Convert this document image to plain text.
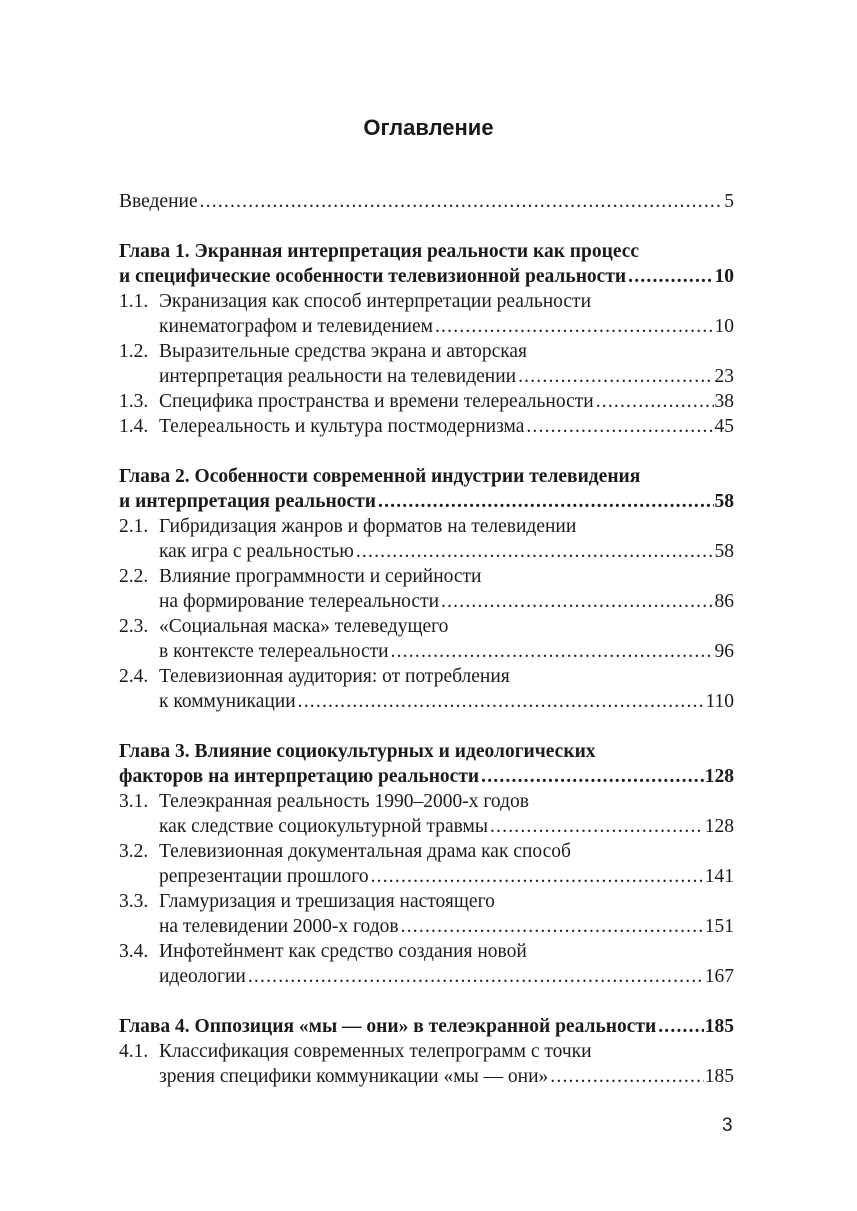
Оглавление
Введение .....	5
Глава 1. Экранная интерпретация реальности как процесс
и специфические особенности телевизионной реальности .....	10
1.1. Экранизация как способ интерпретации реальности
кинематографом и телевидением .....	10
1.2. Выразительные средства экрана и авторская
интерпретация реальности на телевидении .....	23
1.3. Специфика пространства и времени телереальности .....	38
1.4. Телереальность и культура постмодернизма .....	45
Глава 2. Особенности современной индустрии телевидения
и интерпретация реальности .....	58
2.1. Гибридизация жанров и форматов на телевидении
как игра с реальностью .....	58
2.2. Влияние программности и серийности
на формирование телереальности .....	86
2.3. «Социальная маска» телеведущего
в контексте телереальности .....	96
2.4. Телевизионная аудитория: от потребления
к коммуникации .....	110
Глава 3. Влияние социокультурных и идеологических
факторов на интерпретацию реальности .....	128
3.1. Телеэкранная реальность 1990–2000-х годов
как следствие социокультурной травмы .....	128
3.2. Телевизионная документальная драма как способ
репрезентации прошлого .....	141
3.3. Гламуризация и трешизация настоящего
на телевидении 2000-х годов .....	151
3.4. Инфотейнмент как средство создания новой
идеологии .....	167
Глава 4. Оппозиция «мы — они» в телеэкранной реальности ..... 185
4.1. Классификация современных телепрограмм с точки
зрения специфики коммуникации «мы — они» .....	185
3
